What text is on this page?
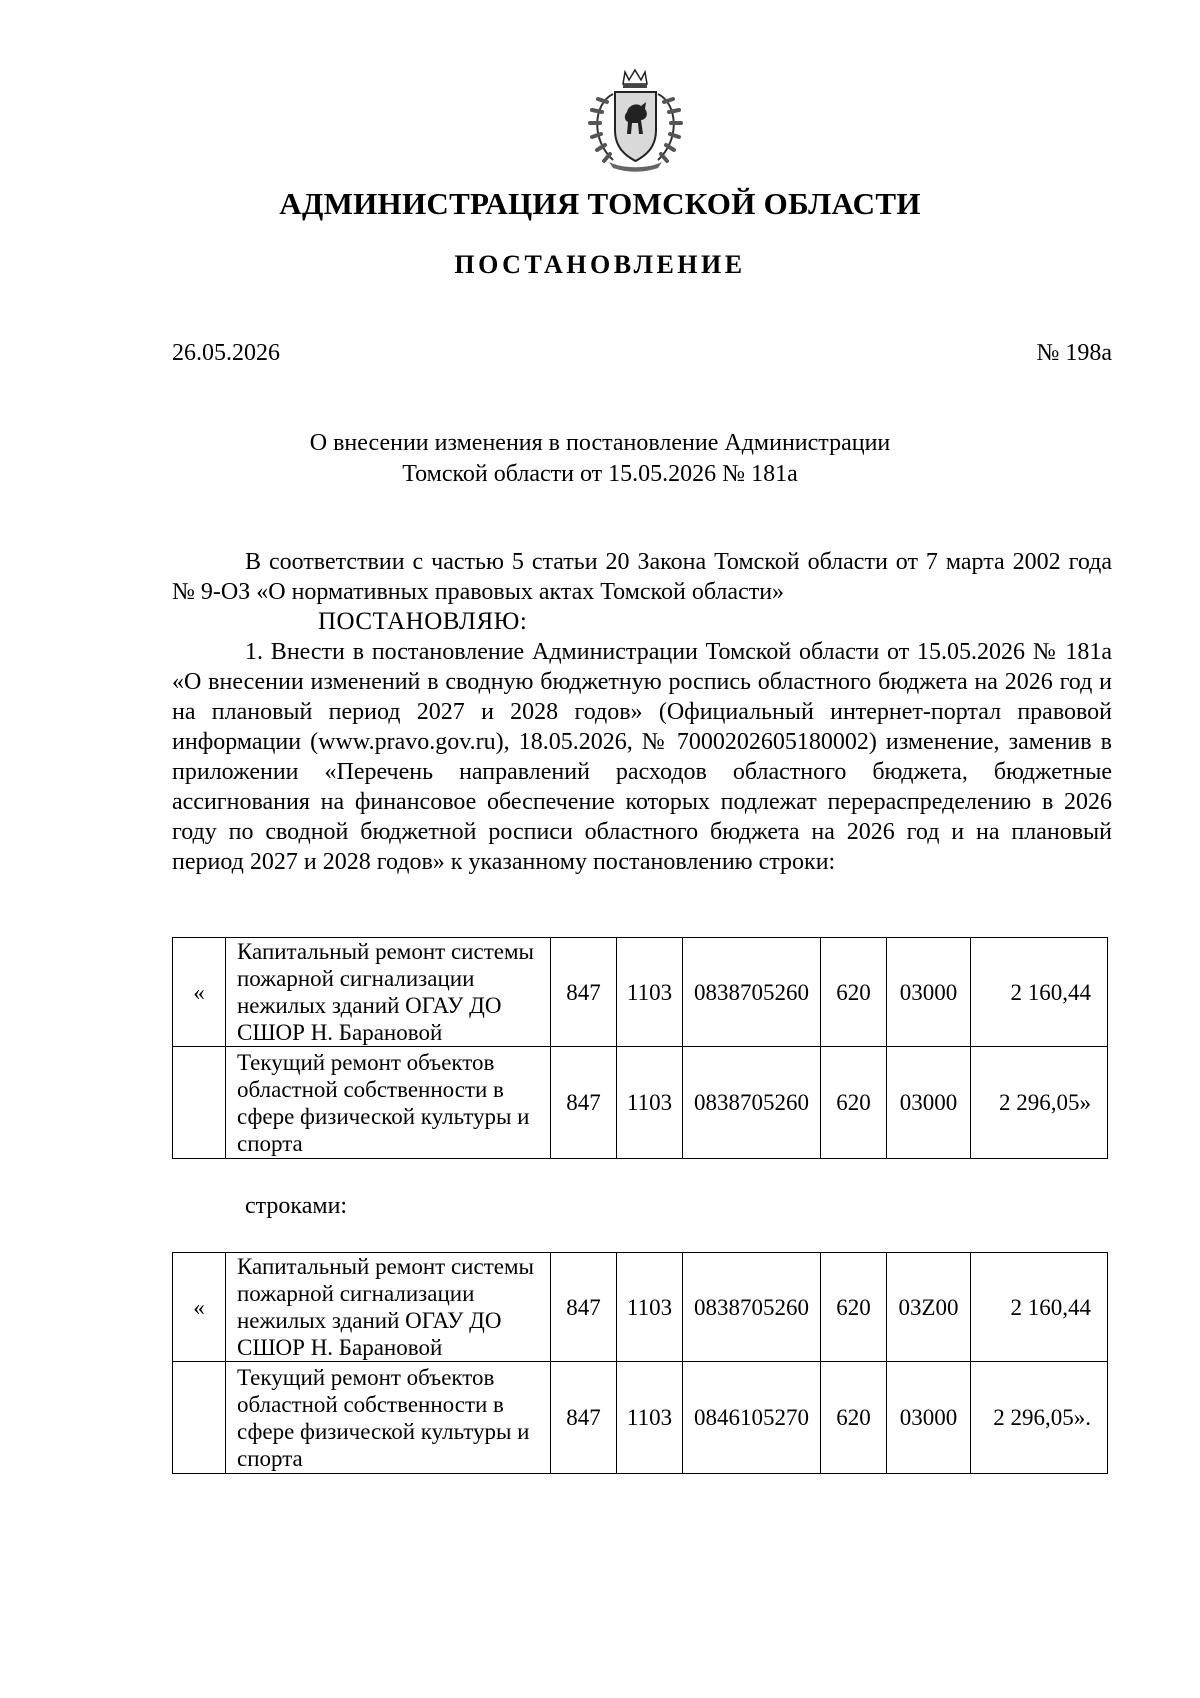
АДМИНИСТРАЦИЯ ТОМСКОЙ ОБЛАСТИ
ПОСТАНОВЛЕНИЕ
26.05.2026	№ 198а
О внесении изменения в постановление Администрации
Томской области от 15.05.2026 № 181а

В соответствии с частью 5 статьи 20 Закона Томской области от 7 марта 2002 года № 9-ОЗ «О нормативных правовых актах Томской области»

ПОСТАНОВЛЯЮ:

1. Внести в постановление Администрации Томской области от 15.05.2026 № 181а «О внесении изменений в сводную бюджетную роспись областного бюджета на 2026 год и на плановый период 2027 и 2028 годов» (Официальный интернет-портал правовой информации (www.pravo.gov.ru), 18.05.2026, № 7000202605180002) изменение, заменив в приложении «Перечень направлений расходов областного бюджета, бюджетные ассигнования на финансовое обеспечение которых подлежат перераспределению в 2026 году по сводной бюджетной росписи областного бюджета на 2026 год и на плановый период 2027 и 2028 годов» к указанному постановлению строки:

«	Капитальный ремонт системы пожарной сигнализации нежилых зданий ОГАУ ДО СШОР Н. Барановой	847	1103	0838705260	620	03000	2 160,44
	Текущий ремонт объектов областной собственности в сфере физической культуры и спорта	847	1103	0838705260	620	03000	2 296,05»
строками:
«	Капитальный ремонт системы пожарной сигнализации нежилых зданий ОГАУ ДО СШОР Н. Барановой	847	1103	0838705260	620	03Z00	2 160,44
	Текущий ремонт объектов областной собственности в сфере физической культуры и спорта	847	1103	0846105270	620	03000	2 296,05».
